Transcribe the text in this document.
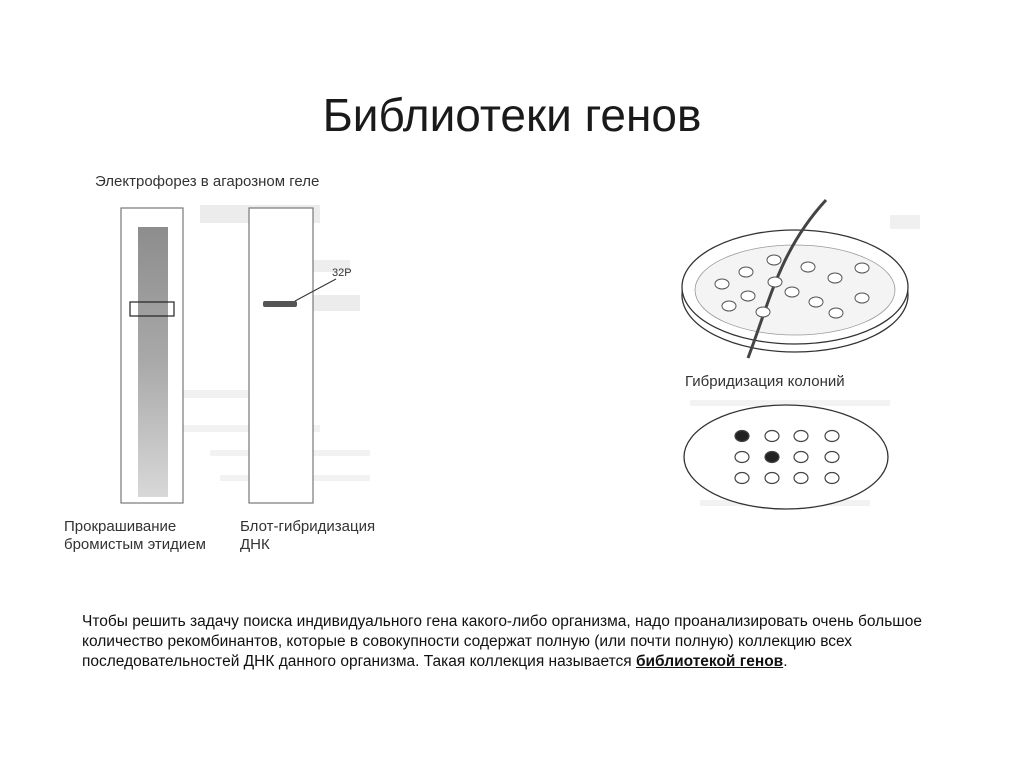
Библиотеки генов
32P
Электрофорез в агарозном геле
Гибридизация колоний
Прокрашивание
бромистым этидием
Блот-гибридизация
ДНК
Чтобы решить задачу поиска индивидуального гена какого-либо организма, надо проанализировать очень большое количество рекомбинантов, которые в совокупности содержат полную (или почти полную) коллекцию всех последовательностей ДНК данного организма. Такая коллекция называется библиотекой генов.
